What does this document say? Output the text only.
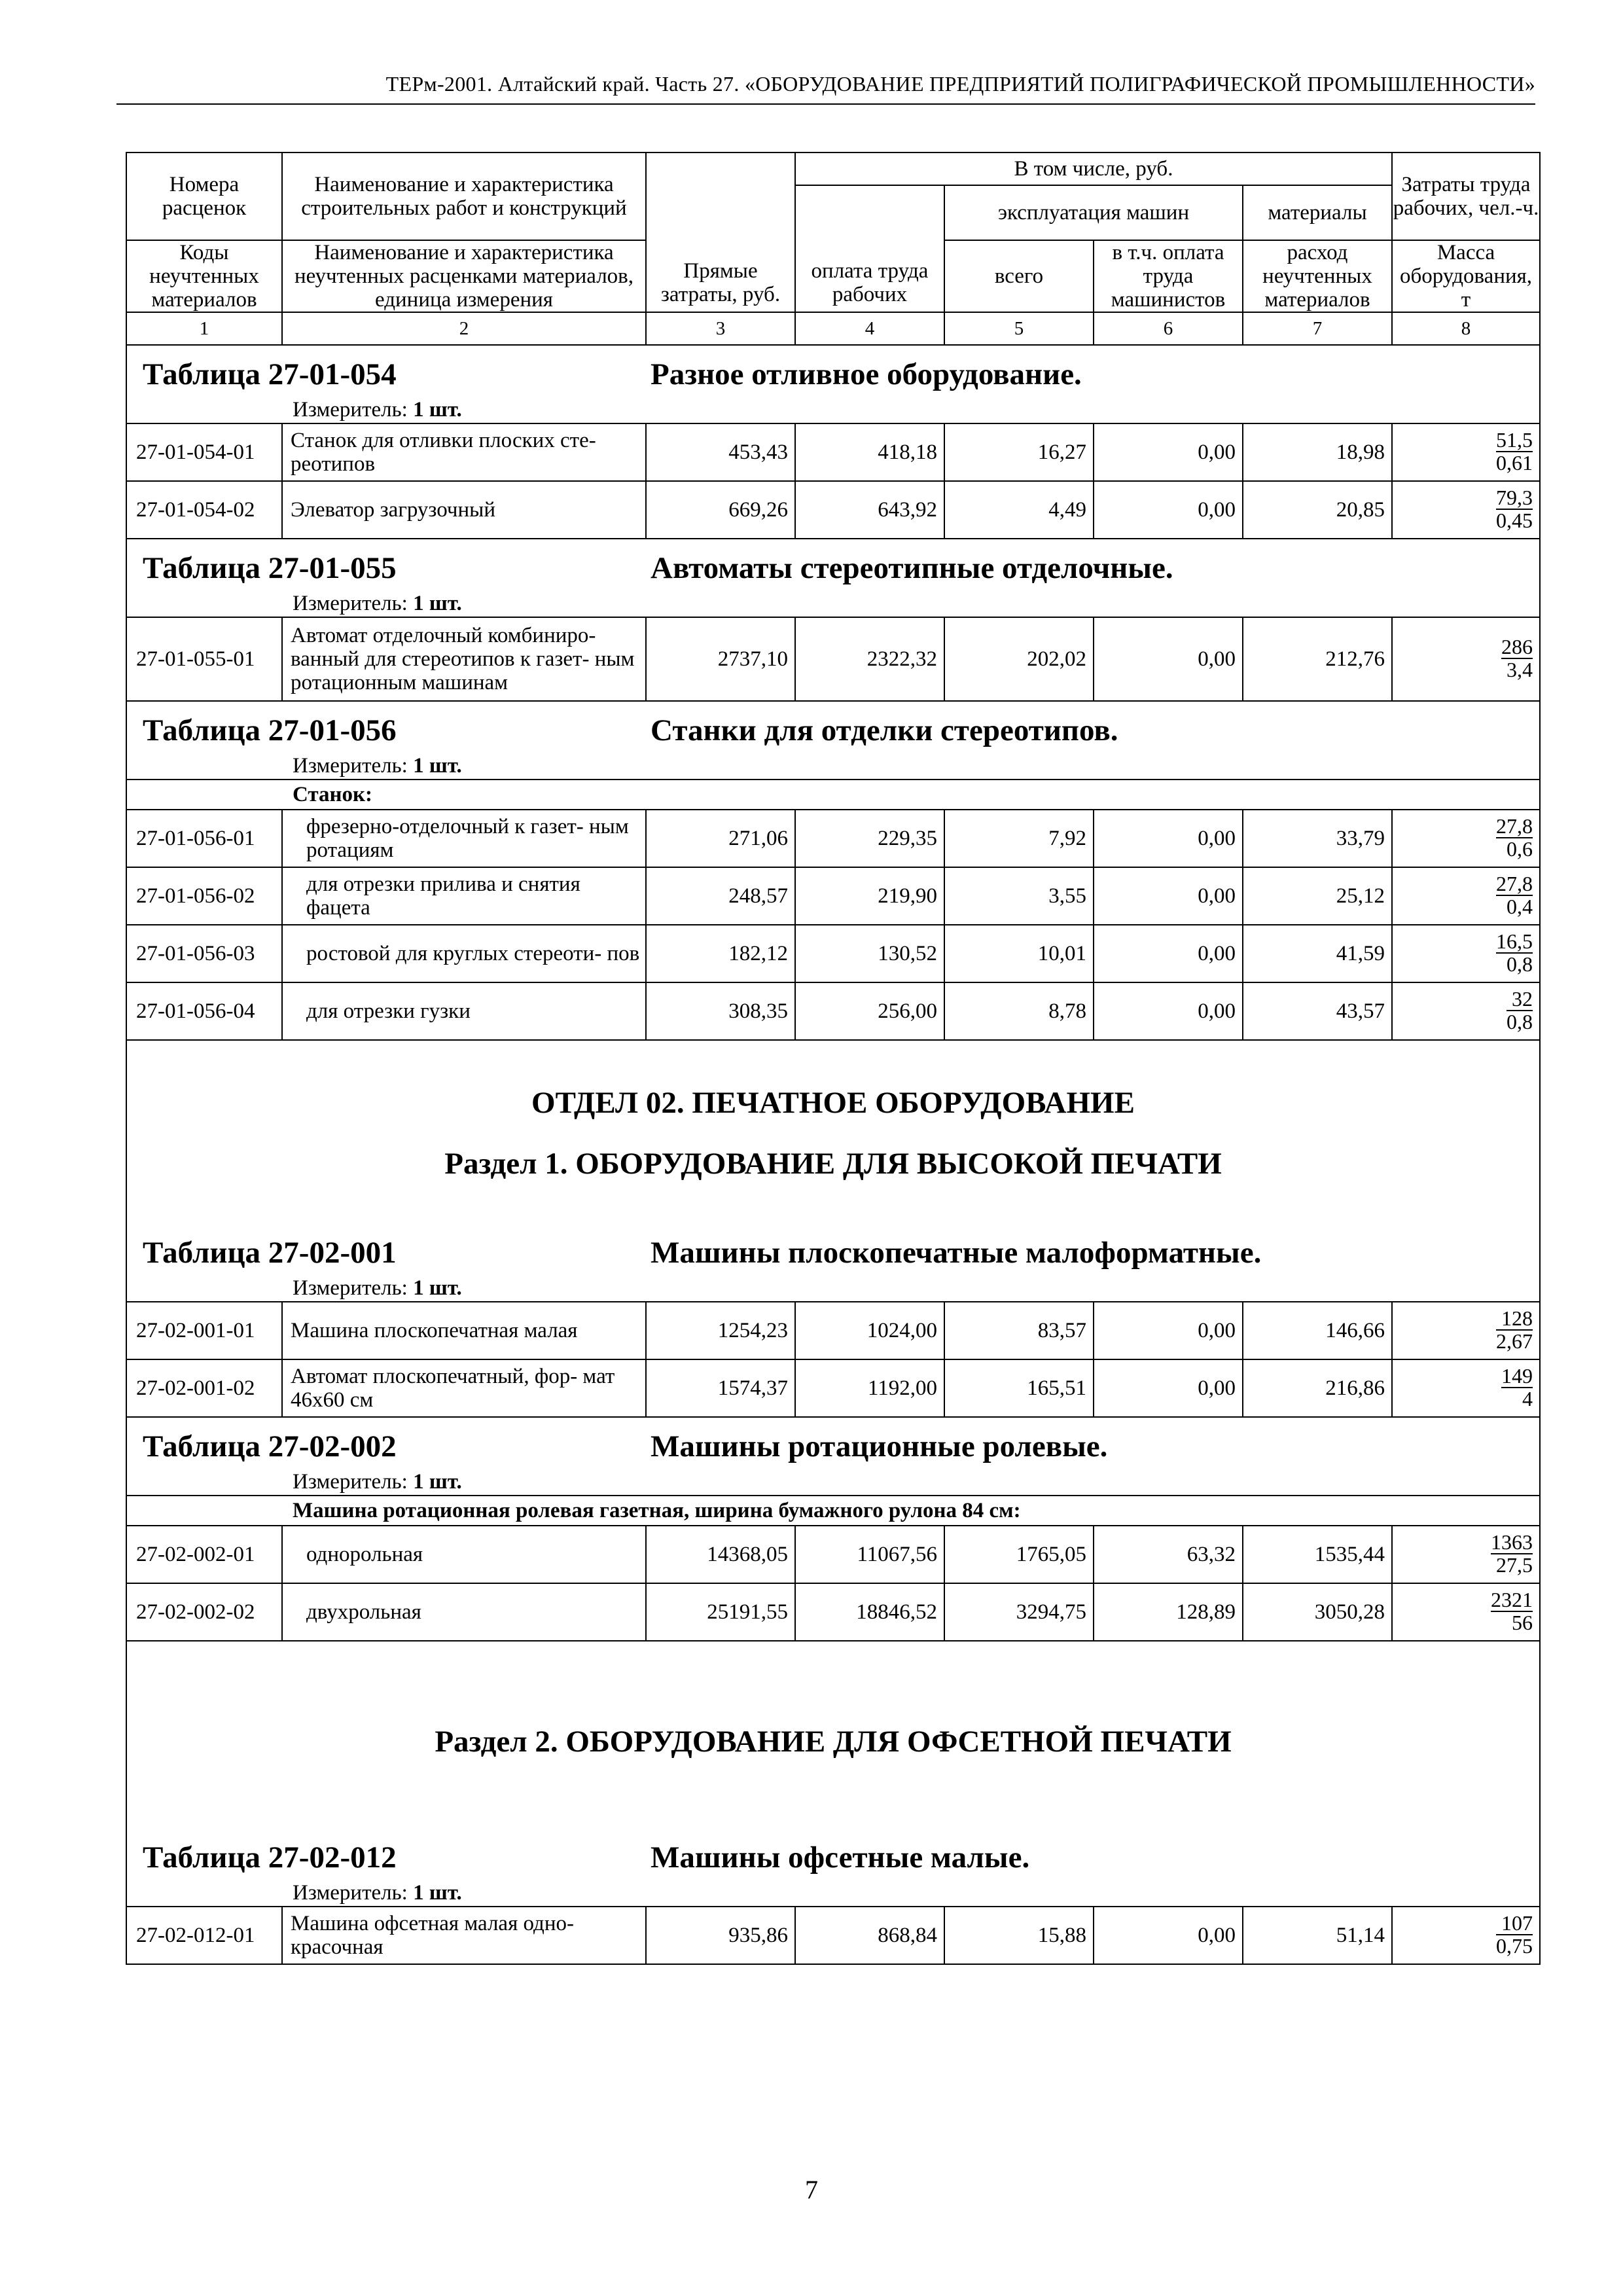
ТЕРм-2001. Алтайский край. Часть 27. «ОБОРУДОВАНИЕ ПРЕДПРИЯТИЙ ПОЛИГРАФИЧЕСКОЙ ПРОМЫШЛЕННОСТИ»
Номера расценок	Наименование и характеристика строительных работ и конструкций	Прямые затраты, руб.	В том числе, руб.				Затраты труда рабочих, чел.-ч.
			оплата труда рабочих	эксплуатация машин		материалы	
Коды неучтенных материалов	Наименование и характеристика неучтенных расценками материалов, единица измерения			всего	в т.ч. оплата труда машинистов	расход неучтенных материалов	Масса оборудования, т
1	2	3	4	5	6	7	8

Таблица 27-01-054 Разное отливное оборудование.
Измеритель: 1 шт.							

27-01-054-01	Станок для отливки плоских сте- реотипов	453,43	418,18	16,27	0,00	18,98	$\frac{51,5}{0,61}$

27-01-054-02	Элеватор загрузочный	669,26	643,92	4,49	0,00	20,85	$\frac{79,3}{0,45}$

Таблица 27-01-055 Автоматы стереотипные отделочные.
Измеритель: 1 шт.							

27-01-055-01	Автомат отделочный комбиниро- ванный для стереотипов к газет- ным ротационным машинам	2737,10	2322,32	202,02	0,00	212,76	$\frac{286}{3,4}$

Таблица 27-01-056 Станки для отделки стереотипов.
Измеритель: 1 шт.							

Станок:							
27-01-056-01	фрезерно-отделочный к газет- ным ротациям	271,06	229,35	7,92	0,00	33,79	$\frac{27,8}{0,6}$

27-01-056-02	для отрезки прилива и снятия фацета	248,57	219,90	3,55	0,00	25,12	$\frac{27,8}{0,4}$

27-01-056-03	ростовой для круглых стереоти- пов	182,12	130,52	10,01	0,00	41,59	$\frac{16,5}{0,8}$

27-01-056-04	для отрезки гузки	308,35	256,00	8,78	0,00	43,57	$\frac{32}{0,8}$

ОТДЕЛ 02. ПЕЧАТНОЕ ОБОРУДОВАНИЕ							
Раздел 1. ОБОРУДОВАНИЕ ДЛЯ ВЫСОКОЙ ПЕЧАТИ							

Таблица 27-02-001 Машины плоскопечатные малоформатные.
Измеритель: 1 шт.							

27-02-001-01	Машина плоскопечатная малая	1254,23	1024,00	83,57	0,00	146,66	$\frac{128}{2,67}$

27-02-001-02	Автомат плоскопечатный, фор- мат 46х60 см	1574,37	1192,00	165,51	0,00	216,86	$\frac{149}{4}$

Таблица 27-02-002 Машины ротационные ролевые.
Измеритель: 1 шт.							

Машина ротационная ролевая газетная, ширина бумажного рулона 84 см:							
27-02-002-01	однорольная	14368,05	11067,56	1765,05	63,32	1535,44	$\frac{1363}{27,5}$

27-02-002-02	двухрольная	25191,55	18846,52	3294,75	128,89	3050,28	$\frac{2321}{56}$

Раздел 2. ОБОРУДОВАНИЕ ДЛЯ ОФСЕТНОЙ ПЕЧАТИ							

Таблица 27-02-012 Машины офсетные малые.
Измеритель: 1 шт.							

27-02-012-01	Машина офсетная малая одно- красочная	935,86	868,84	15,88	0,00	51,14	$\frac{107}{0,75}$
7
